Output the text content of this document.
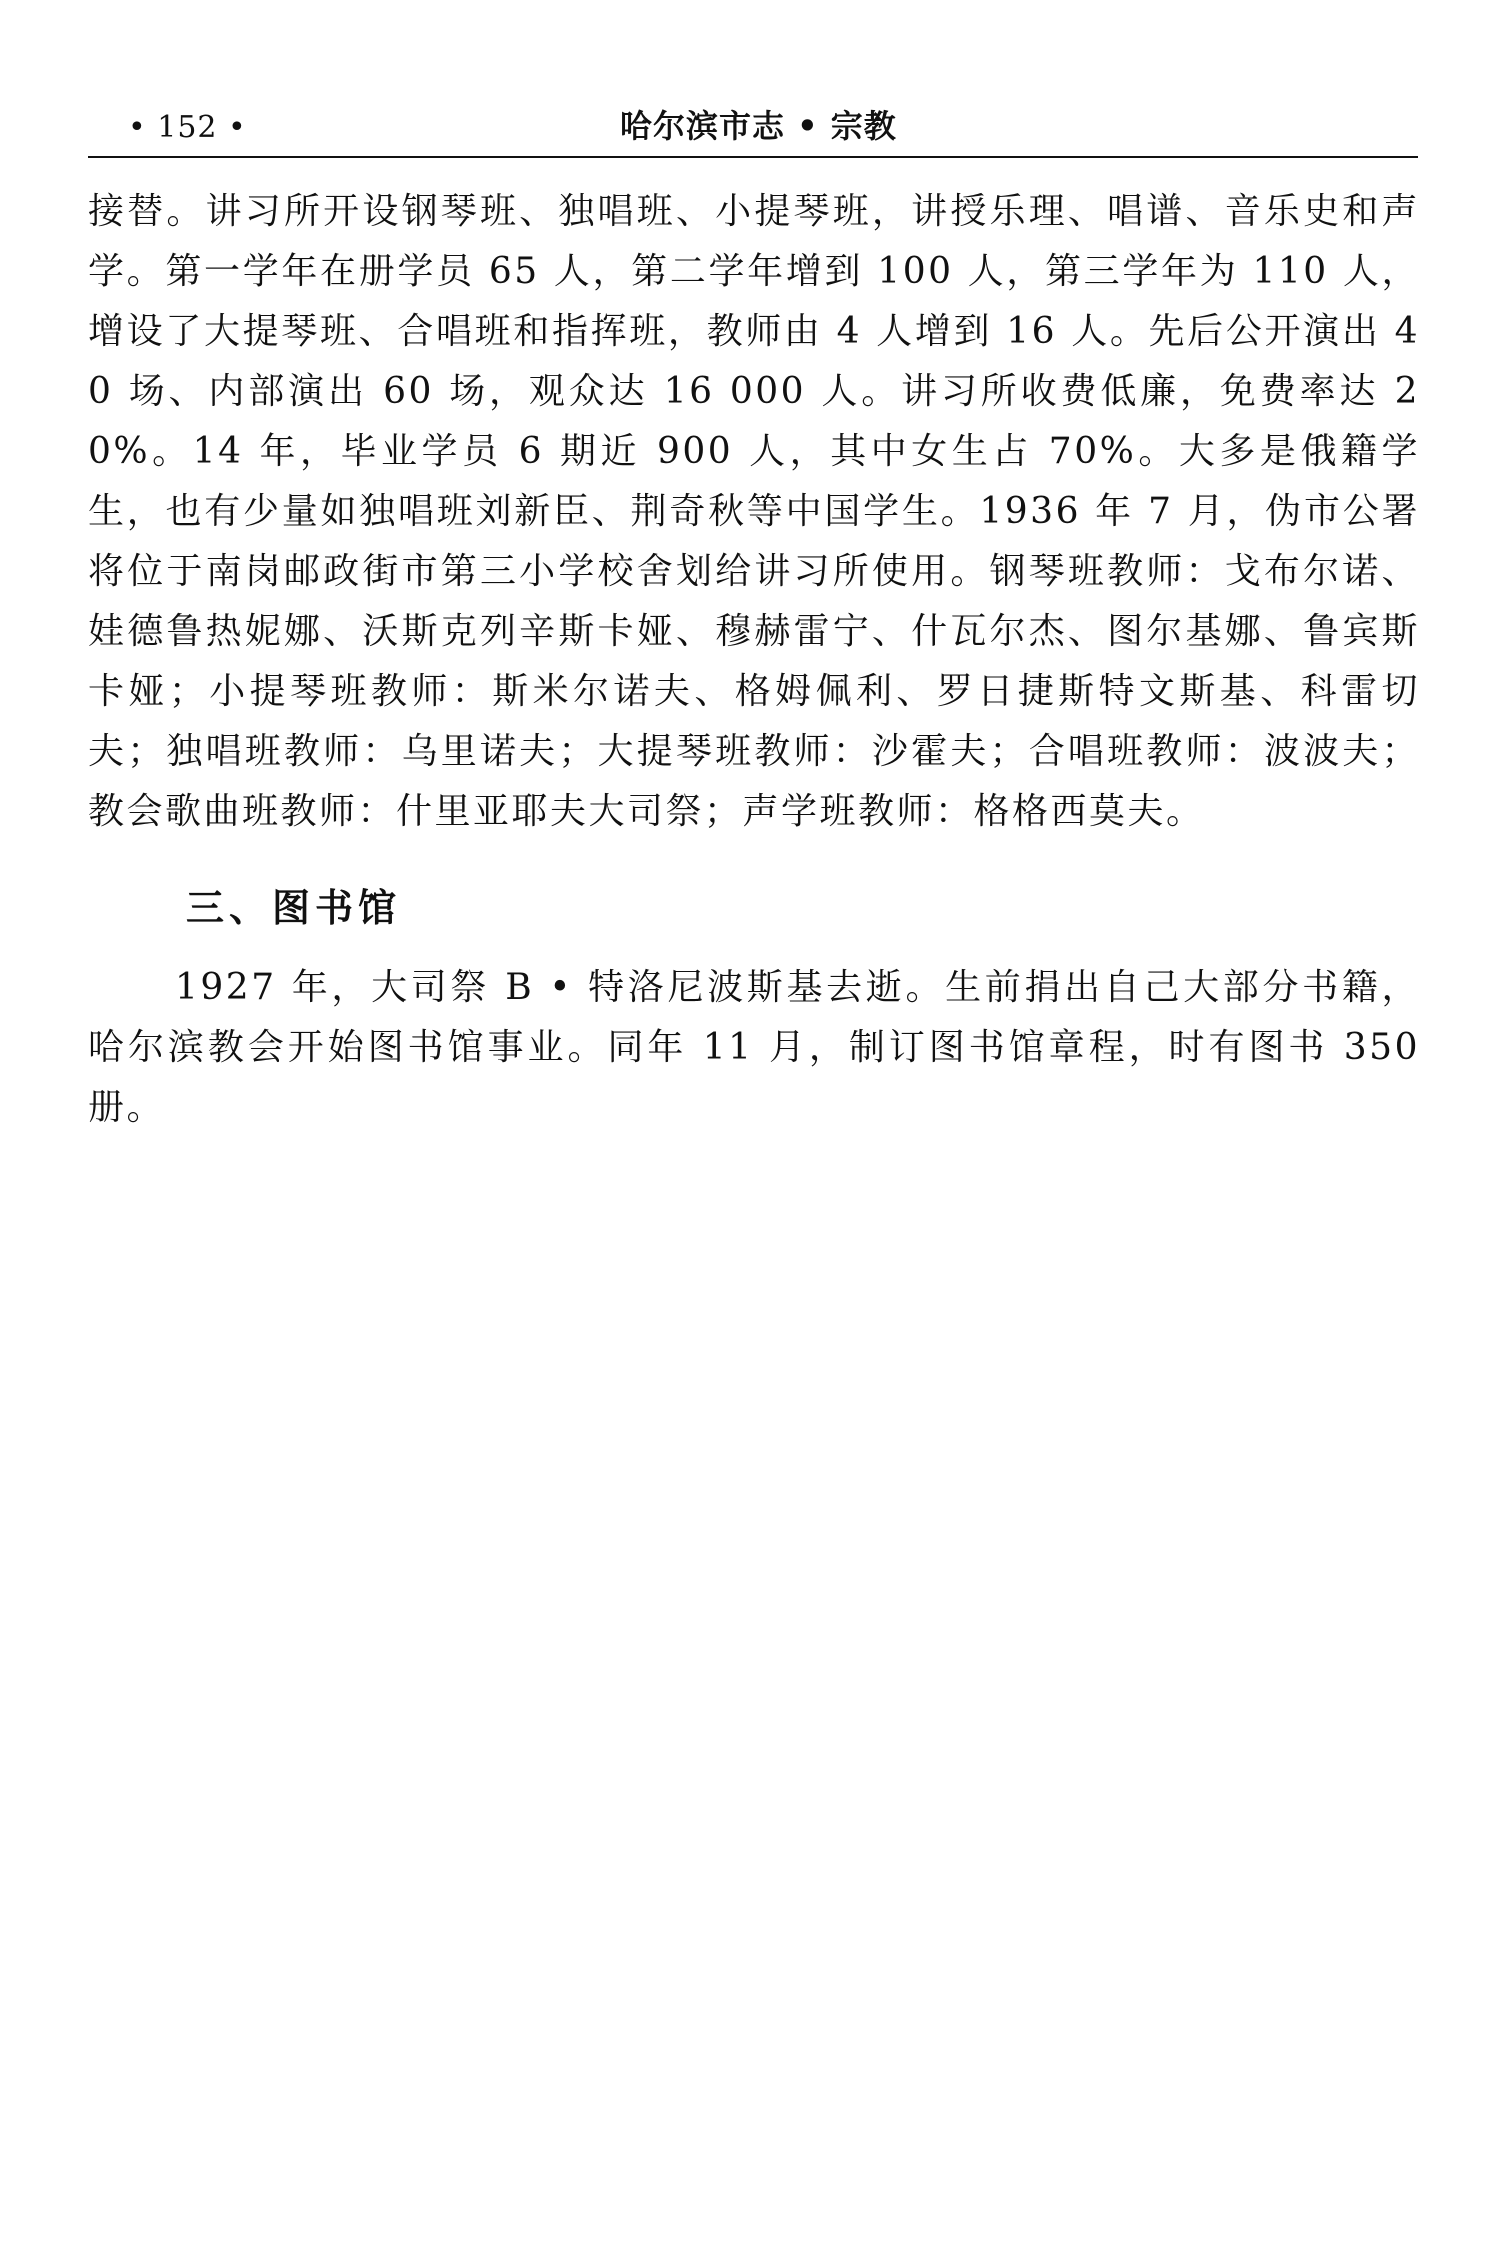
• 152 •	哈尔滨市志 • 宗教

接替。讲习所开设钢琴班、独唱班、小提琴班，讲授乐理、唱谱、音乐史和声学。第一学年在册学员 65 人，第二学年增到 100 人，第三学年为 110 人，增设了大提琴班、合唱班和指挥班，教师由 4 人增到 16 人。先后公开演出 40 场、内部演出 60 场，观众达 16 000 人。讲习所收费低廉，免费率达 20%。14 年，毕业学员 6 期近 900 人，其中女生占 70%。大多是俄籍学生，也有少量如独唱班刘新臣、荆奇秋等中国学生。1936 年 7 月，伪市公署将位于南岗邮政街市第三小学校舍划给讲习所使用。钢琴班教师：戈布尔诺、娃德鲁热妮娜、沃斯克列辛斯卡娅、穆赫雷宁、什瓦尔杰、图尔基娜、鲁宾斯卡娅；小提琴班教师：斯米尔诺夫、格姆佩利、罗日捷斯特文斯基、科雷切夫；独唱班教师：乌里诺夫；大提琴班教师：沙霍夫；合唱班教师：波波夫；教会歌曲班教师：什里亚耶夫大司祭；声学班教师：格格西莫夫。

三、图书馆

1927 年，大司祭 B • 特洛尼波斯基去逝。生前捐出自己大部分书籍，哈尔滨教会开始图书馆事业。同年 11 月，制订图书馆章程，时有图书 350 册。
